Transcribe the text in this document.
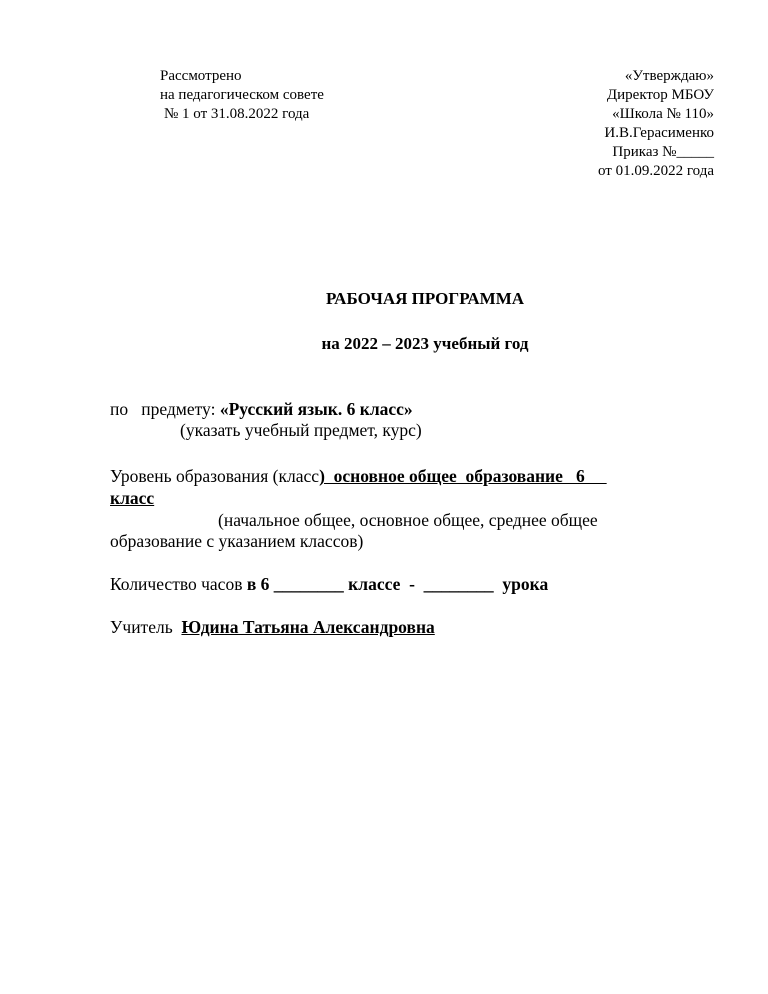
Рассмотрено
на педагогическом совете
№ 1 от 31.08.2022 года
«Утверждаю»
Директор МБОУ
«Школа № 110»
И.В.Герасименко
Приказ №_____
от 01.09.2022 года
РАБОЧАЯ ПРОГРАММА
на 2022 – 2023 учебный год
по   предмету: «Русский язык. 6 класс»
(указать учебный предмет, курс)
Уровень образования (класс)  основное общее  образование   6
класс
(начальное общее, основное общее, среднее общее
образование с указанием классов)
Количество часов в 6 ________ классе  -  ________  урока
Учитель  Юдина Татьяна Александровна
